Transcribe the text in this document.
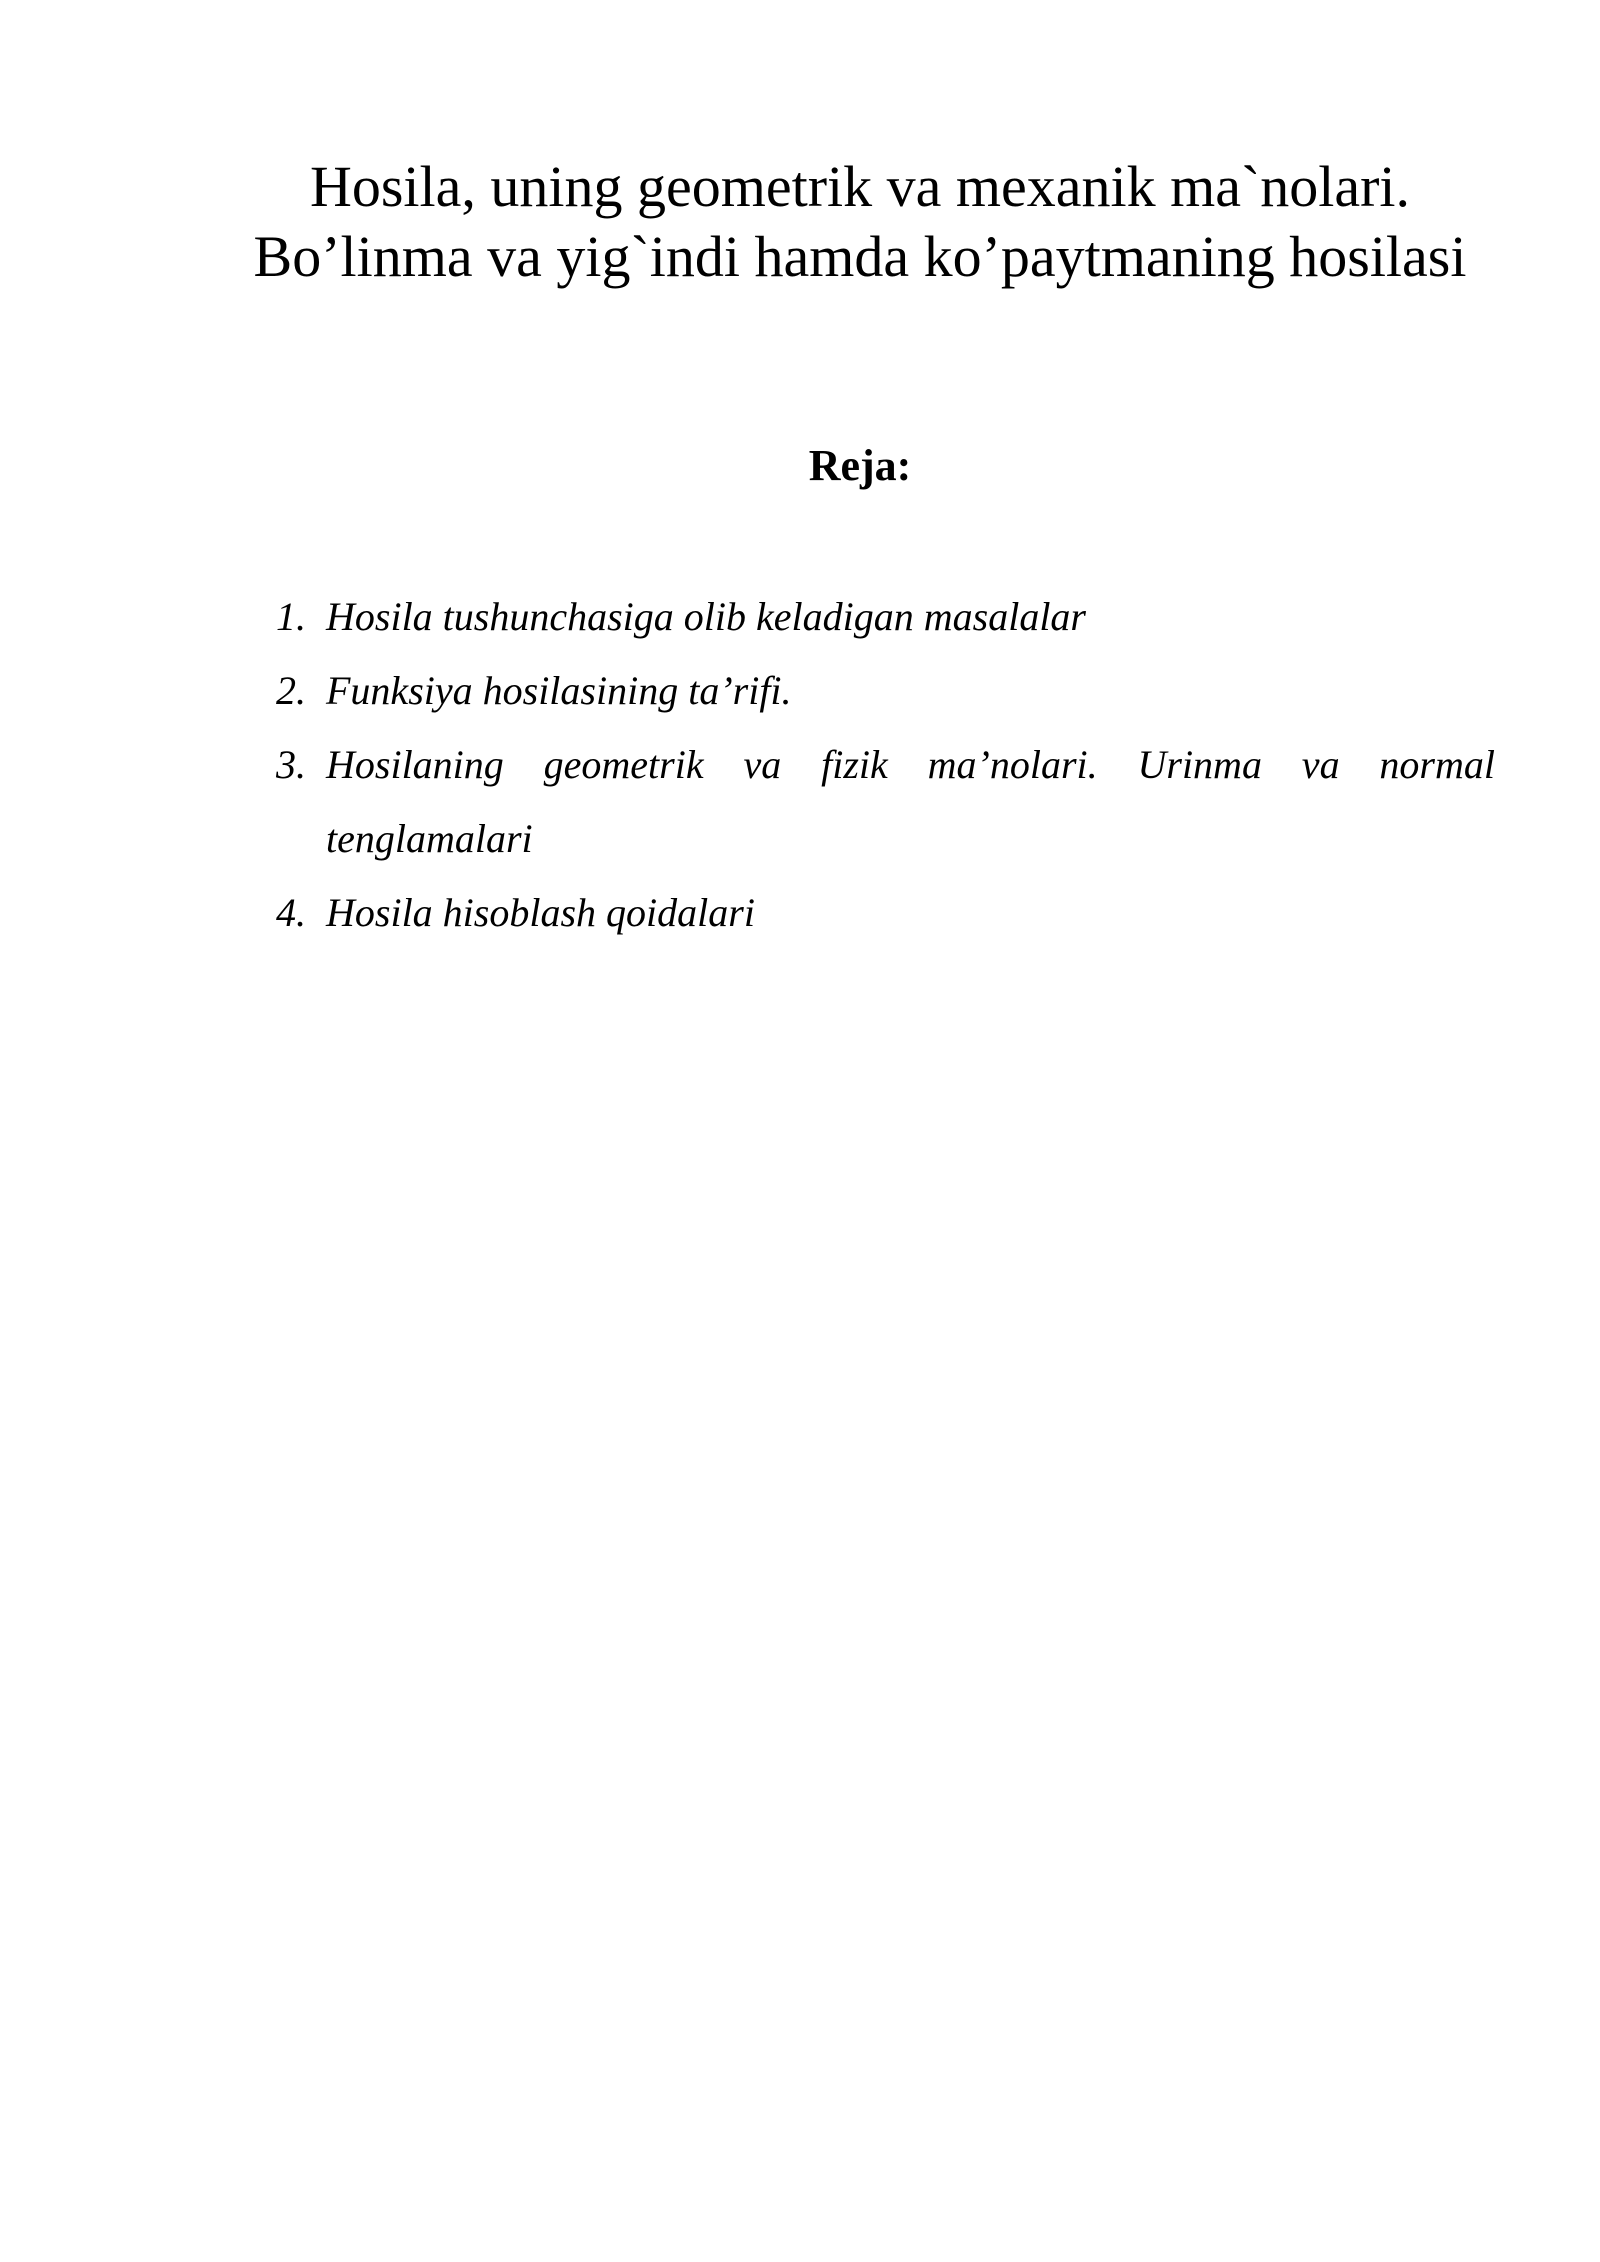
Hosila, uning geometrik va mexanik ma`nolari.
Bo’linma va yig`indi hamda ko’paytmaning hosilasi
Reja:
1. Hosila tushunchasiga olib keladigan masalalar
2. Funksiya hosilasining ta’rifi.
3. Hosilaning geometrik va fizik ma’nolari. Urinma va normal tenglamalari
4. Hosila hisoblash qoidalari
